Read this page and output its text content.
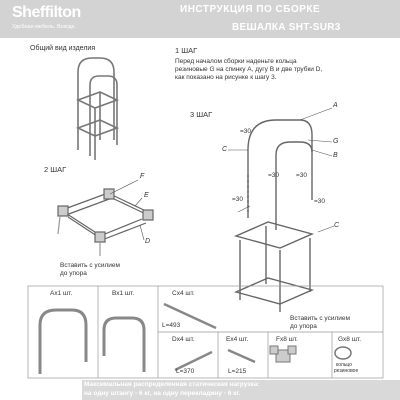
Sheffilton
Удобная мебель. Всегда.
ИНСТРУКЦИЯ ПО СБОРКЕ
ВЕШАЛКА SHT-SUR3
Общий вид изделия	1 ШАГ
Перед началом сборки наденьте кольца
резиновые G на спинку А, дугу В и две трубки D,
как показано на рисунке к шагу 3.
2 ШАГ
3 ШАГ
F
E
D
Вставить с усилием
до упора
A
G
B
C
C
=30
=30	=30
=30	=30
Вставить с усилием
до упора
Ах1 шт.	Вх1 шт.	Сх4 шт.
L=493
Dх4 шт.
L=370
Ex4 шт.
L=215
Fх8 шт.	Gх8 шт.
кольцо
резиновое
Максимальная распределенная статическая нагрузка:
на одну штангу - 6 кг, на одну перекладину - 6 кг.
